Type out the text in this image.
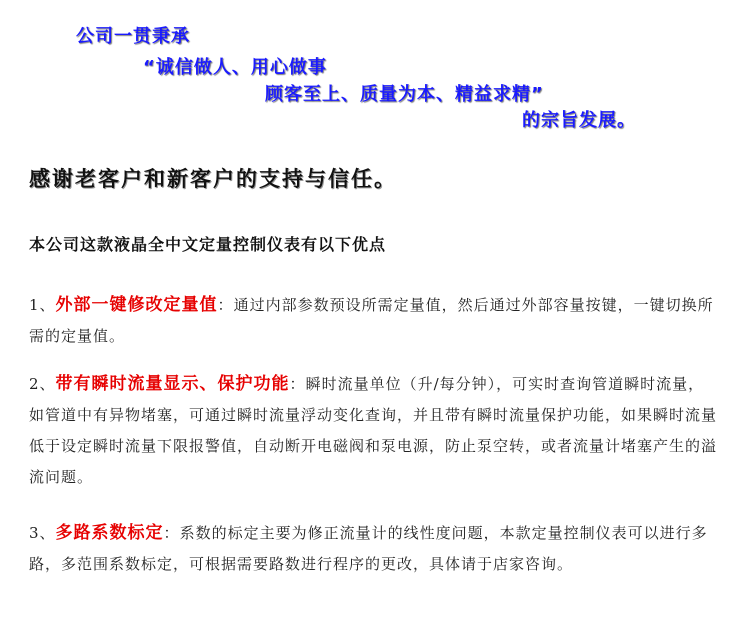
公司一贯秉承
“诚信做人、用心做事
顾客至上、质量为本、精益求精”
的宗旨发展。
感谢老客户和新客户的支持与信任。
本公司这款液晶全中文定量控制仪表有以下优点
1、外部一键修改定量值：通过内部参数预设所需定量值，然后通过外部容量按键，一键切换所需的定量值。
2、带有瞬时流量显示、保护功能：瞬时流量单位（升/每分钟），可实时查询管道瞬时流量，如管道中有异物堵塞，可通过瞬时流量浮动变化查询，并且带有瞬时流量保护功能，如果瞬时流量低于设定瞬时流量下限报警值，自动断开电磁阀和泵电源，防止泵空转，或者流量计堵塞产生的溢流问题。
3、多路系数标定：系数的标定主要为修正流量计的线性度问题，本款定量控制仪表可以进行多路，多范围系数标定，可根据需要路数进行程序的更改，具体请于店家咨询。
